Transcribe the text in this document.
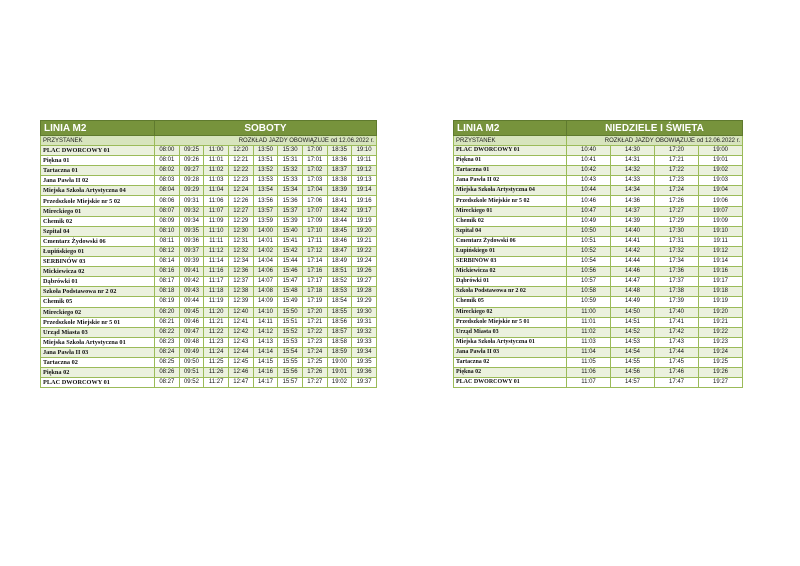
LINIA M2	SOBOTY								
PRZYSTANEK	ROZKŁAD JAZDY OBOWIĄZUJE od 12.06.2022 r.								
PLAC DWORCOWY 01	08:00	09:25	11:00	12:20	13:50	15:30	17:00	18:35	19:10
Piękna 01	08:01	09:26	11:01	12:21	13:51	15:31	17:01	18:36	19:11
Tartaczna 01	08:02	09:27	11:02	12:22	13:52	15:32	17:02	18:37	19:12
Jana Pawła II 02	08:03	09:28	11:03	12:23	13:53	15:33	17:03	18:38	19:13
Miejska Szkoła Artystyczna 04	08:04	09:29	11:04	12:24	13:54	15:34	17:04	18:39	19:14
Przedszkole Miejskie nr 5 02	08:06	09:31	11:06	12:26	13:56	15:36	17:06	18:41	19:16
Mireckiego 01	08:07	09:32	11:07	12:27	13:57	15:37	17:07	18:42	19:17
Chemik 02	08:09	09:34	11:09	12:29	13:59	15:39	17:09	18:44	19:19
Szpital 04	08:10	09:35	11:10	12:30	14:00	15:40	17:10	18:45	19:20
Cmentarz Żydowski 06	08:11	09:36	11:11	12:31	14:01	15:41	17:11	18:46	19:21
Łupińskiego 01	08:12	09:37	11:12	12:32	14:02	15:42	17:12	18:47	19:22
SERBINÓW 03	08:14	09:39	11:14	12:34	14:04	15:44	17:14	18:49	19:24
Mickiewicza 02	08:16	09:41	11:16	12:36	14:06	15:46	17:16	18:51	19:26
Dąbrówki 01	08:17	09:42	11:17	12:37	14:07	15:47	17:17	18:52	19:27
Szkoła Podstawowa nr 2 02	08:18	09:43	11:18	12:38	14:08	15:48	17:18	18:53	19:28
Chemik 05	08:19	09:44	11:19	12:39	14:09	15:49	17:19	18:54	19:29
Mireckiego 02	08:20	09:45	11:20	12:40	14:10	15:50	17:20	18:55	19:30
Przedszkole Miejskie nr 5 01	08:21	09:46	11:21	12:41	14:11	15:51	17:21	18:56	19:31
Urząd Miasta 03	08:22	09:47	11:22	12:42	14:12	15:52	17:22	18:57	19:32
Miejska Szkoła Artystyczna 01	08:23	09:48	11:23	12:43	14:13	15:53	17:23	18:58	19:33
Jana Pawła II 03	08:24	09:49	11:24	12:44	14:14	15:54	17:24	18:59	19:34
Tartaczna 02	08:25	09:50	11:25	12:45	14:15	15:55	17:25	19:00	19:35
Piękna 02	08:26	09:51	11:26	12:46	14:16	15:56	17:26	19:01	19:36
PLAC DWORCOWY 01	08:27	09:52	11:27	12:47	14:17	15:57	17:27	19:02	19:37
LINIA M2	NIEDZIELE I ŚWIĘTA			
PRZYSTANEK	ROZKŁAD JAZDY OBOWIĄZUJE od 12.06.2022 r.			
PLAC DWORCOWY 01	10:40	14:30	17:20	19:00
Piękna 01	10:41	14:31	17:21	19:01
Tartaczna 01	10:42	14:32	17:22	19:02
Jana Pawła II 02	10:43	14:33	17:23	19:03
Miejska Szkoła Artystyczna 04	10:44	14:34	17:24	19:04
Przedszkole Miejskie nr 5 02	10:46	14:36	17:26	19:06
Mireckiego 01	10:47	14:37	17:27	19:07
Chemik 02	10:49	14:39	17:29	19:09
Szpital 04	10:50	14:40	17:30	19:10
Cmentarz Żydowski 06	10:51	14:41	17:31	19:11
Łupińskiego 01	10:52	14:42	17:32	19:12
SERBINÓW 03	10:54	14:44	17:34	19:14
Mickiewicza 02	10:56	14:46	17:36	19:16
Dąbrówki 01	10:57	14:47	17:37	19:17
Szkoła Podstawowa nr 2 02	10:58	14:48	17:38	19:18
Chemik 05	10:59	14:49	17:39	19:19
Mireckiego 02	11:00	14:50	17:40	19:20
Przedszkole Miejskie nr 5 01	11:01	14:51	17:41	19:21
Urząd Miasta 03	11:02	14:52	17:42	19:22
Miejska Szkoła Artystyczna 01	11:03	14:53	17:43	19:23
Jana Pawła II 03	11:04	14:54	17:44	19:24
Tartaczna 02	11:05	14:55	17:45	19:25
Piękna 02	11:06	14:56	17:46	19:26
PLAC DWORCOWY 01	11:07	14:57	17:47	19:27
